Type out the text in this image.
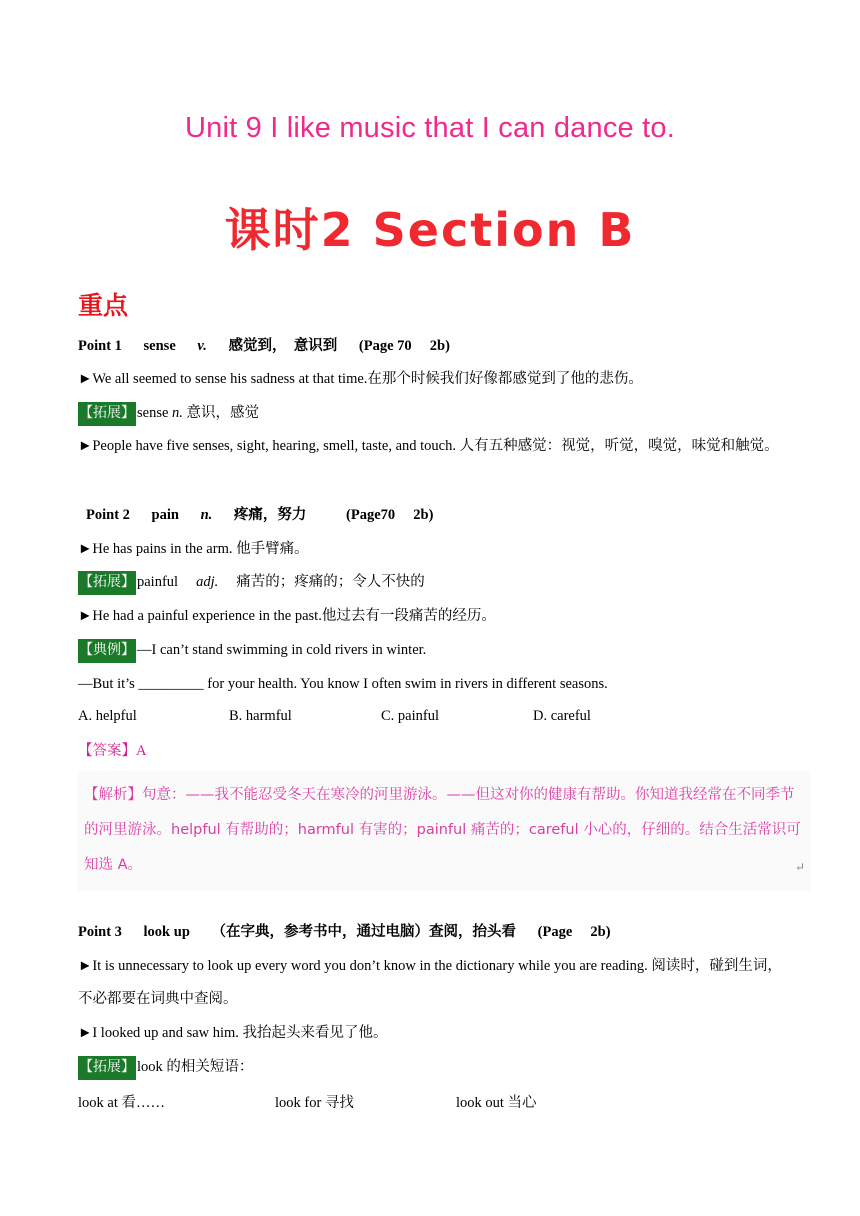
Unit 9 I like music that I can dance to.
课时2 Section B
重点
Point 1 sense v. 感觉到，　意识到 (Page 70　 2b)
►We all seemed to sense his sadness at that time.在那个时候我们好像都感觉到了他的悲伤。
【拓展】 sense n. 意识，感觉
►People have five senses, sight, hearing, smell, taste, and touch. 人有五种感觉：视觉，听觉，嗅觉，味觉和触觉。
Point 2 pain n. 疼痛，努力	(Page70　 2b)
►He has pains in the arm. 他手臂痛。
【拓展】 painful adj. 痛苦的；疼痛的；令人不快的
►He had a painful experience in the past.他过去有一段痛苦的经历。
【典例】 —I can’t stand swimming in cold rivers in winter.
—But it’s _________ for your health. You know I often swim in rivers in different seasons.
A. helpful	B. harmful	C. painful	D. careful
【答案】A
【解析】句意：——我不能忍受冬天在寒冷的河里游泳。——但这对你的健康有帮助。你知道我经常在不同季节的河里游泳。helpful 有帮助的；harmful 有害的；painful 痛苦的；careful 小心的，仔细的。结合生活常识可知选 A。	↵
Point 3 look up （在字典，参考书中，通过电脑）查阅，抬头看 (Page　 2b)
►It is unnecessary to look up every word you don’t know in the dictionary while you are reading. 阅读时，碰到生词，不必都要在词典中查阅。
►I looked up and saw him. 我抬起头来看见了他。
【拓展】 look 的相关短语：
look at 看……	look for 寻找	look out 当心
